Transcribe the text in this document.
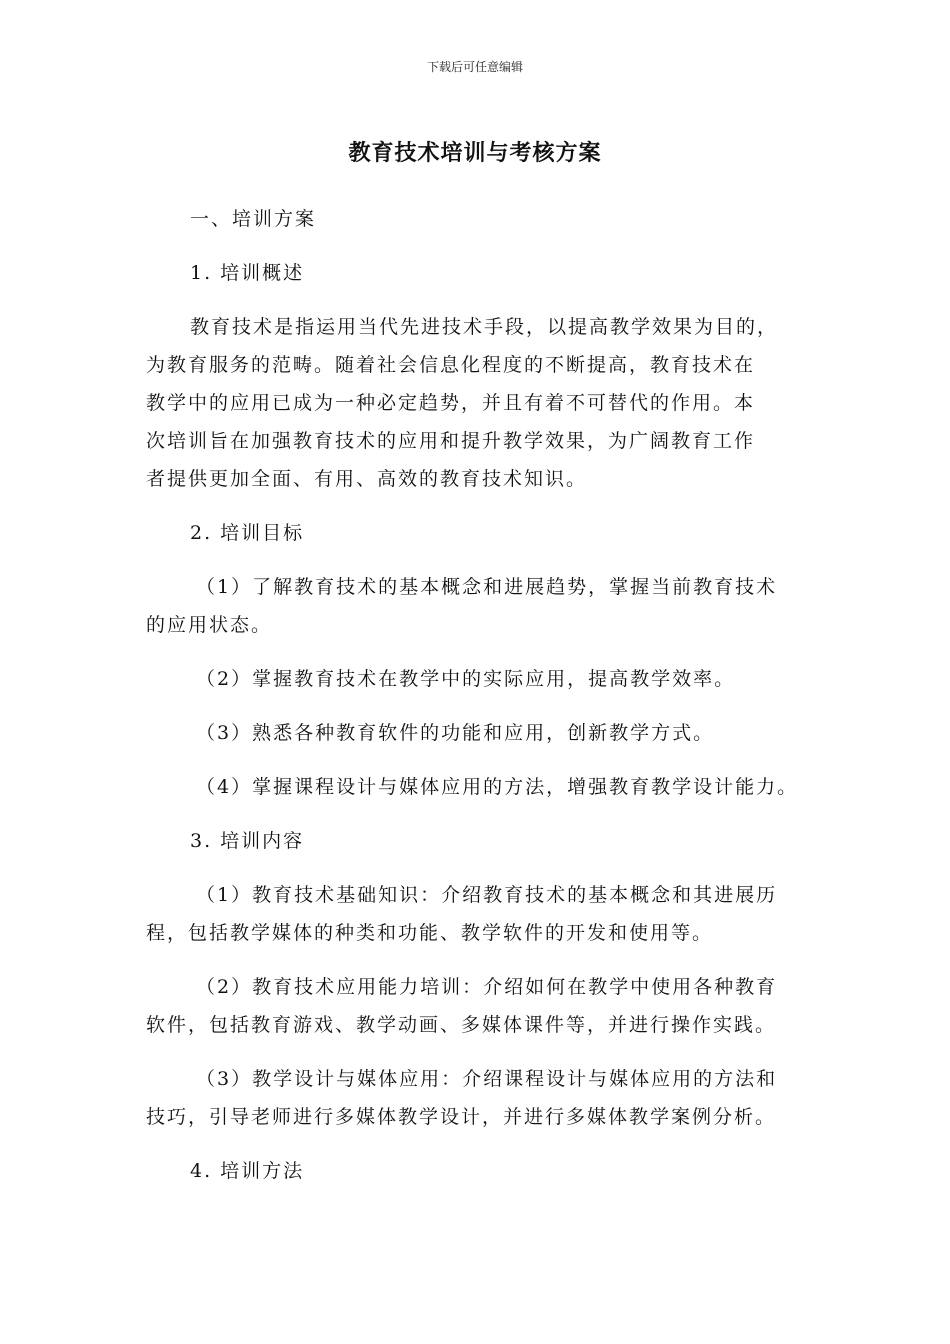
下载后可任意编辑
教育技术培训与考核方案
一、培训方案
1. 培训概述
教育技术是指运用当代先进技术手段，以提高教学效果为目的，
为教育服务的范畴。随着社会信息化程度的不断提高，教育技术在
教学中的应用已成为一种必定趋势，并且有着不可替代的作用。本
次培训旨在加强教育技术的应用和提升教学效果，为广阔教育工作
者提供更加全面、有用、高效的教育技术知识。
2. 培训目标
（1）了解教育技术的基本概念和进展趋势，掌握当前教育技术
的应用状态。
（2）掌握教育技术在教学中的实际应用，提高教学效率。
（3）熟悉各种教育软件的功能和应用，创新教学方式。
（4）掌握课程设计与媒体应用的方法，增强教育教学设计能力。
3. 培训内容
（1）教育技术基础知识：介绍教育技术的基本概念和其进展历
程，包括教学媒体的种类和功能、教学软件的开发和使用等。
（2）教育技术应用能力培训：介绍如何在教学中使用各种教育
软件，包括教育游戏、教学动画、多媒体课件等，并进行操作实践。
（3）教学设计与媒体应用：介绍课程设计与媒体应用的方法和
技巧，引导老师进行多媒体教学设计，并进行多媒体教学案例分析。
4. 培训方法
